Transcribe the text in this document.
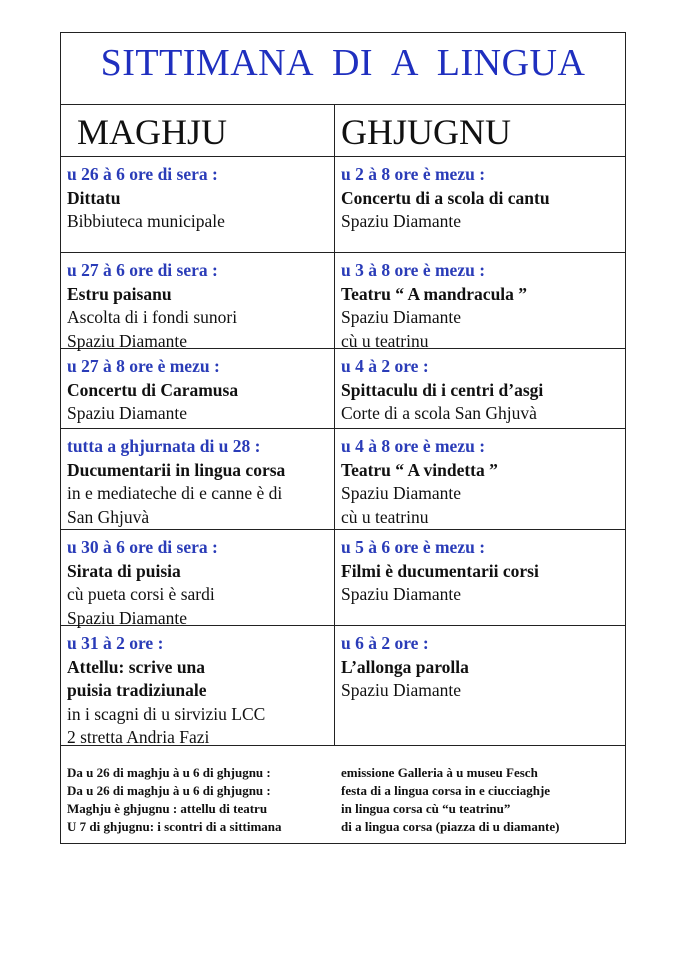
SITTIMANA DI A LINGUA
MAGHJU	GHJUGNU
u 26 à 6 ore di sera :
Dittatu
Bibbiuteca municipale
u 2 à 8 ore è mezu :
Concertu di a scola di cantu
Spaziu Diamante
u 27 à 6 ore di sera :
Estru paisanu
Ascolta di i fondi sunori
Spaziu Diamante
u 3 à 8 ore è mezu :
Teatru “ A mandracula ”
Spaziu Diamante
cù u teatrinu
u 27 à 8 ore è mezu :
Concertu di Caramusa
Spaziu Diamante
u 4 à 2 ore :
Spittaculu di i centri d’asgi
Corte di a scola San Ghjuvà
tutta a ghjurnata di u 28 :
Ducumentarii in lingua corsa
in e mediateche di e canne è di
San Ghjuvà
u 4 à 8 ore è mezu :
Teatru “ A vindetta ”
Spaziu Diamante
cù u teatrinu
u 30 à 6 ore di sera :
Sirata di puisia
cù pueta corsi è sardi
Spaziu Diamante
u 5 à 6 ore è mezu :
Filmi è ducumentarii corsi
Spaziu Diamante
u 31 à 2 ore :
Attellu: scrive una
puisia tradiziunale
in i scagni di u sirviziu LCC
2 stretta Andria Fazi
u 6 à 2 ore :
L’allonga parolla
Spaziu Diamante
Da u 26 di maghju à u 6 di ghjugnu :
Da u 26 di maghju à u 6 di ghjugnu :
Maghju è ghjugnu : attellu di teatru
U 7 di ghjugnu: i scontri di a sittimana
emissione Galleria à u museu Fesch
festa di a lingua corsa in e ciucciaghje
in lingua corsa cù “u teatrinu”
di a lingua corsa (piazza di u diamante)
